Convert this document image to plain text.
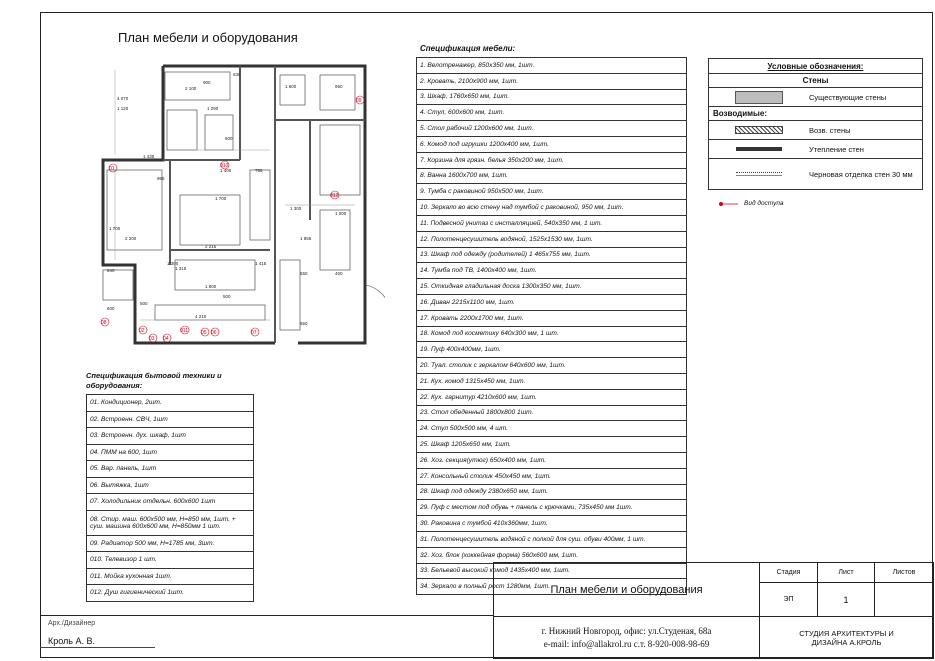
План мебели и оборудования
2 100
900
635
1 600	950
4 070
1 120	1 290
1 300
600
1 435
965
1 400	755
1 700
1 700
2 200
1 300
2 215
1 415
1 315
1 855
650	450
1 800
500
4 210
650
640
600
500
1 000
01
02
03 04
05 06	07
08
09
010
011
012
Спецификация мебели:
1. Велотренажер, 850x350 мм, 1шт.
2. Кровать, 2100x900 мм, 1шт.
3. Шкаф, 1760x650 мм, 1шт.
4. Стул, 600x600 мм, 1шт.
5. Стол рабочий 1200x600 мм, 1шт.
6. Комод под игрушки 1200x400 мм, 1шт.
7. Корзина для грязн. белья 350x200 мм, 1шт.
8. Ванна 1600x700 мм, 1шт.
9. Тумба с раковиной 950x500 мм, 1шт.
10. Зеркало во всю стену над тумбой с раковиной, 950 мм, 1шт.
11. Подвесной унитаз с инсталляцией, 540x350 мм, 1 шт.
12. Полотенцесушитель водяной, 1525x1530 мм, 1шт.
13. Шкаф под одежду (родителей) 1 465x755 мм, 1шт.
14. Тумба под ТВ, 1400x400 мм, 1шт.
15. Откидная гладильная доска 1300x350 мм, 1шт.
16. Диван 2215x1100 мм, 1шт.
17. Кровать 2200x1700 мм, 1шт.
18. Комод под косметику 640x300 мм, 1 шт.
19. Пуф 400x400мм, 1шт.
20. Туал. столик с зеркалом 640x600 мм, 1шт.
21. Кух. комод 1315x450 мм, 1шт.
22. Кух. гарнитур 4210x600 мм, 1шт.
23. Стол обеденный 1800x800 1шт.
24. Стул 500x500 мм, 4 шт.
25. Шкаф 1205x650 мм, 1шт.
26. Хоз. секция(утюг) 650x400 мм, 1шт.
27. Консольный столик 450x450 мм, 1шт.
28. Шкаф под одежду 2380x650 мм, 1шт.
29. Пуф с местом под обувь + панель с крючками, 735x450 мм 1шт.
30. Раковина с тумбой 410x360мм, 1шт.
31. Полотенцесушитель водяной с полкой для суш. обуви 400мм, 1 шт.
32. Хоз. блок (хоккейная форма) 560x600 мм, 1шт.
33. Бельевой высокий комод 1435x400 мм, 1шт.
34. Зеркало в полный рост 1280мм, 1шт.
Спецификация бытовой техники и оборудования:
01. Кондиционер, 2шт.
02. Встроенн. СВЧ, 1шт
03. Встроенн. дух. шкаф, 1шт
04. ПММ на 600, 1шт
05. Вар. панель, 1шт
06. Вытяжка, 1шт
07. Холодильник отдельн. 600x600 1шт
08. Стир. маш. 600x500 мм, H=850 мм, 1шт. + суш. машина 600x600 мм, H=850мм 1 шт.
09. Радиатор 500 мм, H=1785 мм, 3шт.
010. Телевизор 1 шт.
011. Мойка кухонная 1шт.
012. Душ гигиенический 1шт.
Условные обозначения:
Стены
Существующие стены
Возводимые:
Возв. стены
Утепление стен
Черновая отделка стен 30 мм
Вид доступа
Арх./Дизайнер
Кроль А. В.
План мебели и оборудования
Стадия	Лист	Листов
ЭП	1
г. Нижний Новгород, офис: ул.Студеная, 68а
e-mail: info@allakrol.ru с.т. 8-920-008-98-69
СТУДИЯ АРХИТЕКТУРЫ И ДИЗАЙНА А.КРОЛЬ
